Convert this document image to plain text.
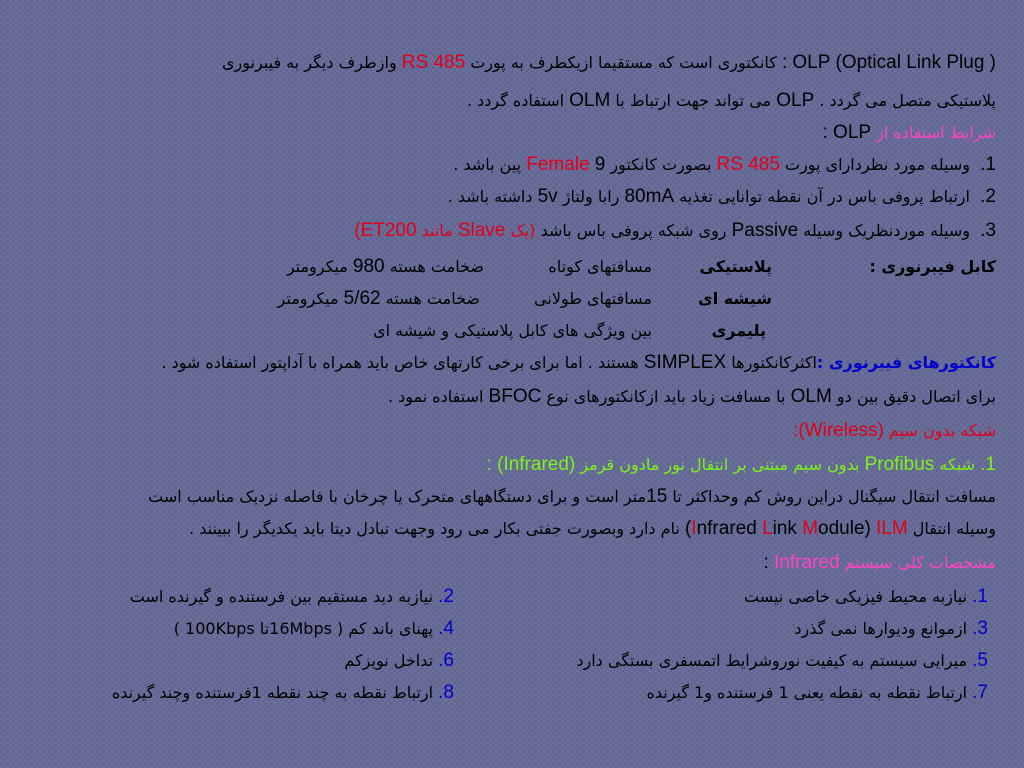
OLP (Optical Link Plug ) : کانکتوری است که مستقیما ازیکطرف به پورت RS 485 وازطرف دیگر به فیبرنوری
پلاستیکی متصل می گردد . OLP می تواند جهت ارتباط با OLM استفاده گردد .
شرایط استفاده از OLP :
1.  وسیله مورد نظردارای پورت RS 485 بصورت کانکتور Female 9 پین باشد .
2.  ارتباط پروفی باس در آن نقطه توانایی تغذیه 80mA رابا ولتاژ 5v داشته باشد .
3.  وسیله موردنظریک وسیله Passive روی شبکه پروفی باس باشد (یک Slave مانند ET200)
کابل فیبرنوری :
پلاستیکی
مسافتهای کوتاه
ضخامت هسته 980 میکرومتر
شیشه ای
مسافتهای طولانی
ضخامت هسته 5/62 میکرومتر
پلیمری
بین ویژگی های کابل پلاستیکی و شیشه ای
کانکتورهای فیبرنوری :اکثرکانکتورها SIMPLEX هستند . اما برای برخی کارتهای خاص باید همراه با آداپتور استفاده شود .
برای اتصال دقیق بین دو OLM با مسافت زیاد باید ازکانکتورهای نوع BFOC استفاده نمود .
شبکه بدون سیم (Wireless):
1. شبکه Profibus بدون سیم مبتنی بر انتقال نور مادون قرمز (Infrared) :
مسافت انتقال سیگنال دراین روش کم وحداکثر تا 15متر است و برای دستگاههای متحرک یا چرخان با فاصله نزدیک مناسب است
وسیله انتقال ILM (Infrared Link Module) نام دارد وبصورت جفتی بکار می رود وجهت تبادل دیتا باید یکدیگر را ببینند .
مشخصات کلی سیستم Infrared :
1. نیازبه محیط فیزیکی خاصی نیست
2. نیازبه دید مستقیم بین فرستنده و گیرنده است
3. ازموانع ودیوارها نمی گذرد
4. پهنای باند کم ( 16Mbpsتا 100Kbps )
5. میرایی سیستم به کیفیت نوروشرایط اتمسفری بستگی دارد
6. تداخل نویزکم
7. ارتباط نقطه به نقطه یعنی 1 فرستنده و1 گیرنده
8. ارتباط نقطه به چند نقطه 1فرستنده وچند گیرنده
